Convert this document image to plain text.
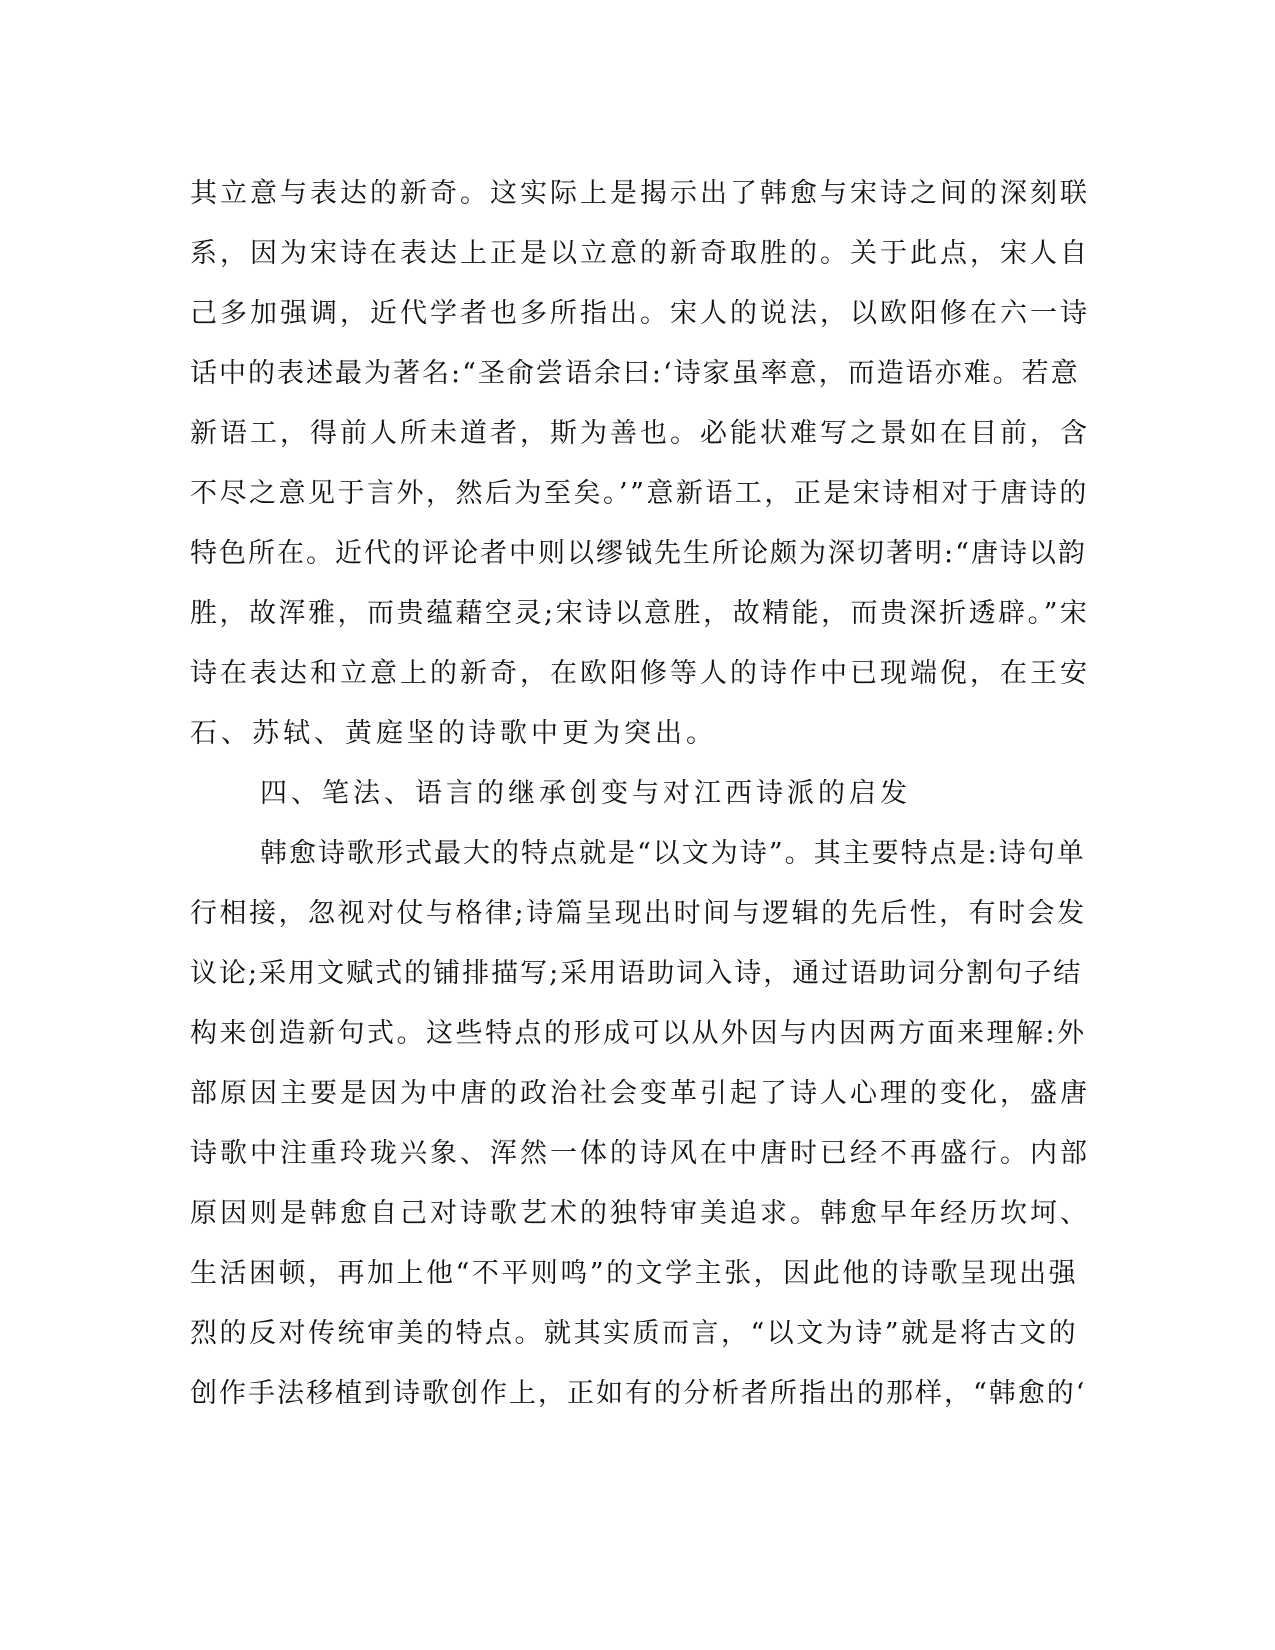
其立意与表达的新奇。这实际上是揭示出了韩愈与宋诗之间的深刻联
系，因为宋诗在表达上正是以立意的新奇取胜的。关于此点，宋人自
己多加强调，近代学者也多所指出。宋人的说法，以欧阳修在六一诗
话中的表述最为著名:“圣俞尝语余曰:‘诗家虽率意，而造语亦难。若意
新语工，得前人所未道者，斯为善也。必能状难写之景如在目前，含
不尽之意见于言外，然后为至矣。’”意新语工，正是宋诗相对于唐诗的
特色所在。近代的评论者中则以缪钺先生所论颇为深切著明:“唐诗以韵
胜，故浑雅，而贵蕴藉空灵;宋诗以意胜，故精能，而贵深折透辟。”宋
诗在表达和立意上的新奇，在欧阳修等人的诗作中已现端倪，在王安
石、苏轼、黄庭坚的诗歌中更为突出。
四、笔法、语言的继承创变与对江西诗派的启发
韩愈诗歌形式最大的特点就是“以文为诗”。其主要特点是:诗句单
行相接，忽视对仗与格律;诗篇呈现出时间与逻辑的先后性，有时会发
议论;采用文赋式的铺排描写;采用语助词入诗，通过语助词分割句子结
构来创造新句式。这些特点的形成可以从外因与内因两方面来理解:外
部原因主要是因为中唐的政治社会变革引起了诗人心理的变化，盛唐
诗歌中注重玲珑兴象、浑然一体的诗风在中唐时已经不再盛行。内部
原因则是韩愈自己对诗歌艺术的独特审美追求。韩愈早年经历坎坷、
生活困顿，再加上他“不平则鸣”的文学主张，因此他的诗歌呈现出强
烈的反对传统审美的特点。就其实质而言，“以文为诗”就是将古文的
创作手法移植到诗歌创作上，正如有的分析者所指出的那样，“韩愈的‘
